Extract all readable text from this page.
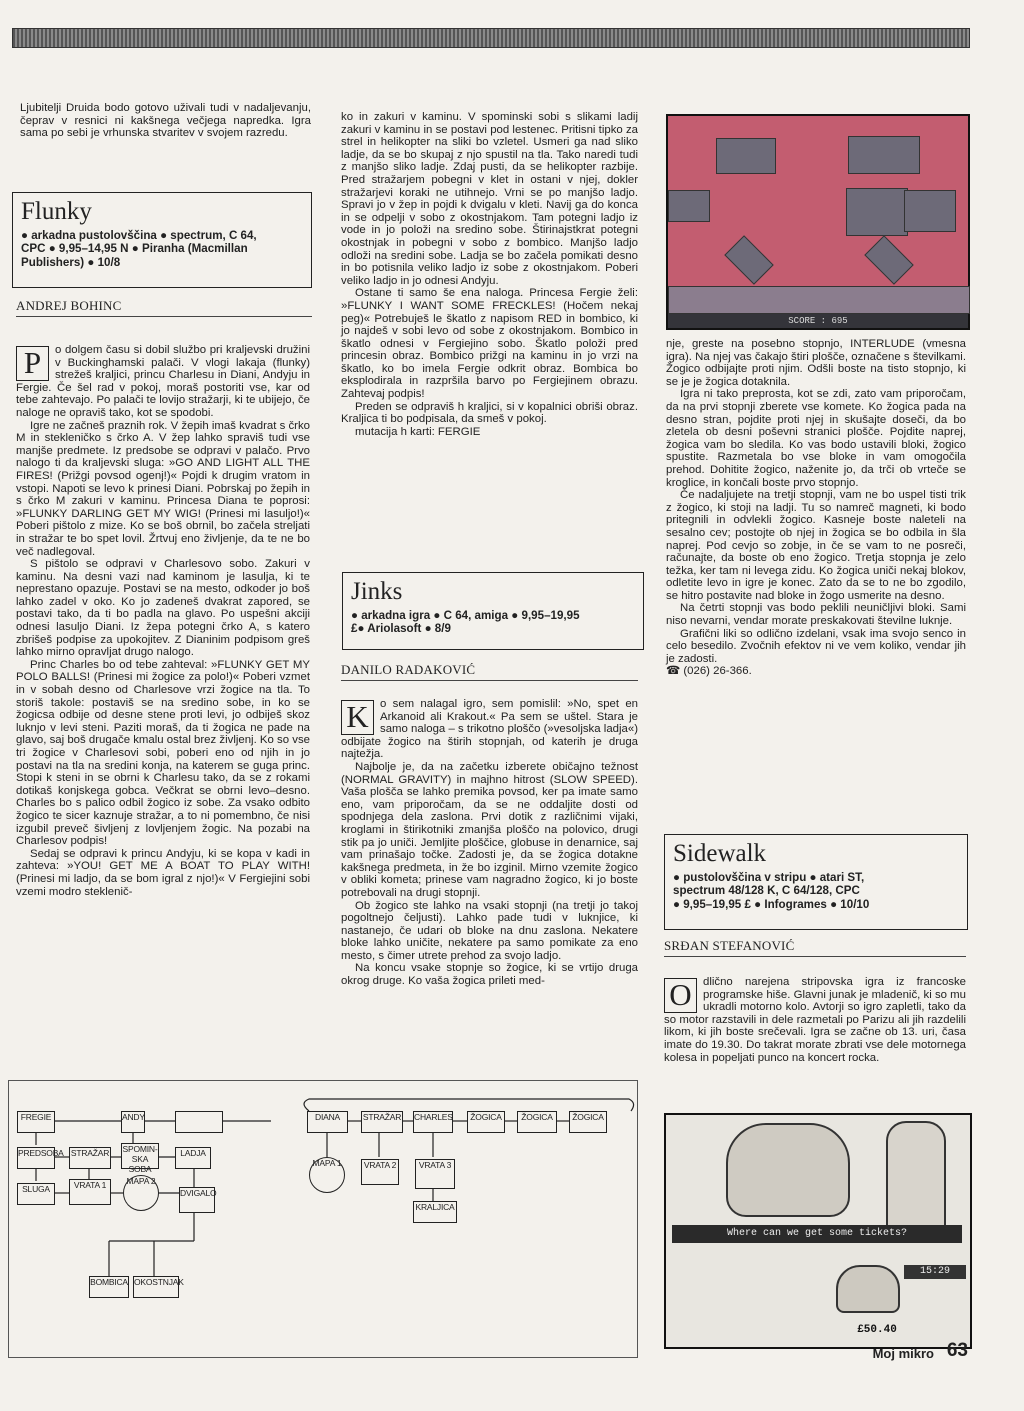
Ljubitelji Druida bodo gotovo uživali tudi v nadaljevanju, čeprav v resnici ni kakšnega večjega napredka. Igra sama po sebi je vrhunska stvaritev v svojem razredu.

Flunky
● arkadna pustolovščina ● spectrum, C 64,
CPC ● 9,95–14,95 N ● Piranha (Macmillan
Publishers) ● 10/8
ANDREJ BOHINC
P	o dolgem času si dobil službo pri kraljevski družini v Buckinghamski palači. V vlogi lakaja (flunky) strežeš kraljici, princu Charlesu in Diani, Andyju in Fergie. Če šel rad v pokoj, moraš postoriti vse, kar od tebe zahtevajo. Po palači te lovijo stražarji, ki te ubijejo, če naloge ne opraviš tako, kot se spodobi.

Igre ne začneš praznih rok. V žepih imaš kvadrat s črko M in stekleničko s črko A. V žep lahko spraviš tudi vse manjše predmete. Iz predsobe se odpravi v palačo. Prvo nalogo ti da kraljevski sluga: »GO AND LIGHT ALL THE FIRES! (Prižgi povsod ogenj!)« Pojdi k drugim vratom in vstopi. Napoti se levo k prinesi Diani. Pobrskaj po žepih in s črko M zakuri v kaminu. Princesa Diana te poprosi: »FLUNKY DARLING GET MY WIG! (Prinesi mi lasuljo!)« Poberi pištolo z mize. Ko se boš obrnil, bo začela streljati in stražar te bo spet lovil. Žrtvuj eno življenje, da te ne bo več nadlegoval.

S pištolo se odpravi v Charlesovo sobo. Zakuri v kaminu. Na desni vazi nad kaminom je lasulja, ki te neprestano opazuje. Postavi se na mesto, odkoder jo boš lahko zadel v oko. Ko jo zadeneš dvakrat zapored, se postavi tako, da ti bo padla na glavo. Po uspešni akciji odnesi lasuljo Diani. Iz žepa potegni črko A, s katero zbrišeš podpise za upokojitev. Z Dianinim podpisom greš lahko mirno opravljat drugo nalogo.

Princ Charles bo od tebe zahteval: »FLUNKY GET MY POLO BALLS! (Prinesi mi žogice za polo!)« Poberi vzmet in v sobah desno od Charlesove vrzi žogice na tla. To storiš takole: postaviš se na sredino sobe, in ko se žogicsa odbije od desne stene proti levi, jo odbiješ skoz luknjo v levi steni. Paziti moraš, da ti žogica ne pade na glavo, saj boš drugače kmalu ostal brez življenj. Ko so vse tri žogice v Charlesovi sobi, poberi eno od njih in jo postavi na tla na sredini konja, na katerem se guga princ. Stopi k steni in se obrni k Charlesu tako, da se z rokami dotikaš konjskega gobca. Večkrat se obrni levo–desno. Charles bo s palico odbil žogico iz sobe. Za vsako odbito žogico te sicer kaznuje stražar, a to ni pomembno, če nisi izgubil preveč šivljenj z lovljenjem žogic. Na pozabi na Charlesov podpis!

Sedaj se odpravi k princu Andyju, ki se kopa v kadi in zahteva: »YOU! GET ME A BOAT TO PLAY WITH! (Prinesi mi ladjo, da se bom igral z njo!)« V Fergiejini sobi vzemi modro steklenič-

ko in zakuri v kaminu. V spominski sobi s slikami ladij zakuri v kaminu in se postavi pod lestenec. Pritisni tipko za strel in helikopter na sliki bo vzletel. Usmeri ga nad sliko ladje, da se bo skupaj z njo spustil na tla. Tako naredi tudi z manjšo sliko ladje. Zdaj pusti, da se helikopter razbije. Pred stražarjem pobegni v klet in ostani v njej, dokler stražarjevi koraki ne utihnejo. Vrni se po manjšo ladjo. Spravi jo v žep in pojdi k dvigalu v kleti. Navij ga do konca in se odpelji v sobo z okostnjakom. Tam potegni ladjo iz vode in jo položi na sredino sobe. Štirinajstkrat potegni okostnjak in pobegni v sobo z bombico. Manjšo ladjo odloži na sredini sobe. Ladja se bo začela pomikati desno in bo potisnila veliko ladjo iz sobe z okostnjakom. Poberi veliko ladjo in jo odnesi Andyju.

Ostane ti samo še ena naloga. Princesa Fergie želi: »FLUNKY I WANT SOME FRECKLES! (Hočem nekaj peg)« Potrebuješ le škatlo z napisom RED in bombico, ki jo najdeš v sobi levo od sobe z okostnjakom. Bombico in škatlo odnesi v Fergiejino sobo. Škatlo položi pred princesin obraz. Bombico prižgi na kaminu in jo vrzi na škatlo, ko bo imela Fergie odkrit obraz. Bombica bo eksplodirala in razpršila barvo po Fergiejinem obrazu. Zahtevaj podpis!

Preden se odpraviš h kraljici, si v kopalnici obriši obraz. Kraljica ti bo podpisala, da smeš v pokoj.

mutacija h karti: FERGIE

Jinks
● arkadna igra ● C 64, amiga ● 9,95–19,95
£● Ariolasoft ● 8/9
DANILO RADAKOVIĆ
K o sem nalagal igro, sem pomislil: »No, spet en Arkanoid ali Krakout.« Pa sem se uštel. Stara je samo naloga – s trikotno ploščo (»vesoljska ladja«) odbijate žogico na štirih stopnjah, od katerih je druga najtežja.

Najbolje je, da na začetku izberete običajno težnost (NORMAL GRAVITY) in majhno hitrost (SLOW SPEED). Vaša plošča se lahko premika povsod, ker pa imate samo eno, vam priporočam, da se ne oddaljite dosti od spodnjega dela zaslona. Prvi dotik z različnimi vijaki, kroglami in štirikotniki zmanjša ploščo na polovico, drugi stik pa jo uniči. Jemljite ploščice, globuse in denarnice, saj vam prinašajo točke. Zadosti je, da se žogica dotakne kakšnega predmeta, in že bo izginil. Mirno vzemite žogico v obliki kometa; prinese vam nagradno žogico, ki jo boste potrebovali na drugi stopnji.

Ob žogico ste lahko na vsaki stopnji (na tretji jo takoj pogoltnejo čeljusti). Lahko pade tudi v luknjice, ki nastanejo, če udari ob bloke na dnu zaslona. Nekatere bloke lahko uničite, nekatere pa samo pomikate za eno mesto, s čimer utrete prehod za svojo ladjo.

Na koncu vsake stopnje so žogice, ki se vrtijo druga okrog druge. Ko vaša žogica prileti med-

SCORE : 695

nje, greste na posebno stopnjo, INTERLUDE (vmesna igra). Na njej vas čakajo štiri plošče, označene s številkami. Žogico odbijajte proti njim. Odšli boste na tisto stopnjo, ki se je je žogica dotaknila.

Igra ni tako preprosta, kot se zdi, zato vam priporočam, da na prvi stopnji zberete vse komete. Ko žogica pada na desno stran, pojdite proti njej in skušajte doseči, da bo zletela ob desni poševni stranici plošče. Pojdite naprej, žogica vam bo sledila. Ko vas bodo ustavili bloki, žogico spustite. Razmetala bo vse bloke in vam omogočila prehod. Dohitite žogico, naženite jo, da trči ob vrteče se kroglice, in končali boste prvo stopnjo.

Če nadaljujete na tretji stopnji, vam ne bo uspel tisti trik z žogico, ki stoji na ladji. Tu so namreč magneti, ki bodo pritegnili in odvlekli žogico. Kasneje boste naleteli na sesalno cev; postojte ob njej in žogica se bo odbila in šla naprej. Pod cevjo so zobje, in če se vam to ne posreči, računajte, da boste ob eno žogico. Tretja stopnja je zelo težka, ker tam ni levega zidu. Ko žogica uniči nekaj blokov, odletite levo in igre je konec. Zato da se to ne bo zgodilo, se hitro postavite nad bloke in žogo usmerite na desno.

Na četrti stopnji vas bodo peklili neuničljivi bloki. Sami niso nevarni, vendar morate preskakovati številne luknje.

Grafični liki so odlično izdelani, vsak ima svojo senco in celo besedilo. Zvočnih efektov ni ve vem koliko, vendar jih je zadosti.

☎ (026) 26-366.

Sidewalk
● pustolovščina v stripu ● atari ST,
spectrum 48/128 K, C 64/128, CPC
● 9,95–19,95 £ ● Infogrames ● 10/10
SRĐAN STEFANOVIĆ
O dlično narejena stripovska igra iz francoske programske hiše. Glavni junak je mladenič, ki so mu ukradli motorno kolo. Avtorji so igro zapletli, tako da so motor razstavili in dele razmetali po Parizu ali jih razdelili likom, ki jih boste srečevali. Igra se začne ob 13. uri, časa imate do 19.30. Do takrat morate zbrati vse dele motornega kolesa in popeljati punco na koncert rocka.

Where can we get some tickets?
15:29
£50.40
FREGIE	ANDY
PREDSOBA STRAŽAR SPOMIN-SKA SOBA
LADJA
SLUGA	VRATA 1	MAPA 2
DVIGALO
BOMBICA OKOSTNJAK
DIANA	STRAŽAR CHARLES	ŽOGICA	ŽOGICA	ŽOGICA
MAPA 1	VRATA 2	VRATA 3
KRALJICA
Moj mikro 63
